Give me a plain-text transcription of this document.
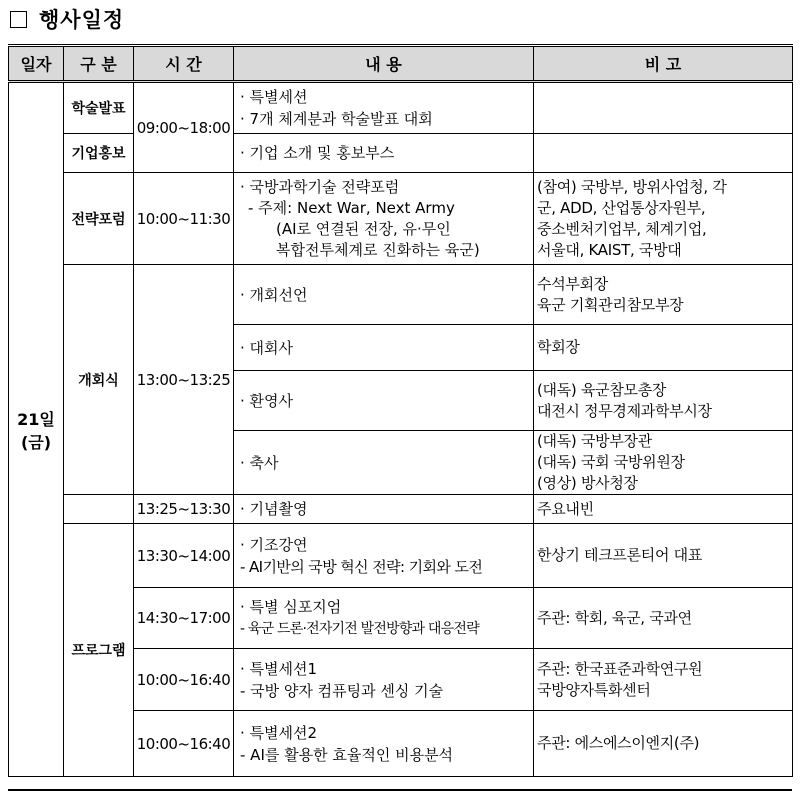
행사일정
일자	구 분	시 간	내 용	비 고

21일
(금)	학술발표	09:00~18:00	· 특별세션
· 7개 체계분과 학술발표 대회	

	기업홍보		· 기업 소개 및 홍보부스	

	전략포럼	10:00~11:30	· 국방과학기술 전략포럼
- 주제: Next War, Next Army
(AI로 연결된 전장, 유·무인
복합전투체계로 진화하는 육군)	(참여) 국방부, 방위사업청, 각
군, ADD, 산업통상자원부,
중소벤처기업부, 체계기업,
서울대, KAIST, 국방대

	개회식	13:00~13:25	· 개회선언	수석부회장
육군 기획관리참모부장

			· 대회사	학회장

			· 환영사	(대독) 육군참모총장
대전시 정무경제과학부시장

			· 축사	(대독) 국방부장관
(대독) 국회 국방위원장
(영상) 방사청장

		13:25~13:30	· 기념촬영	주요내빈

	프로그램	13:30~14:00	· 기조강연
- AI기반의 국방 혁신 전략: 기회와 도전	한상기 테크프론티어 대표

		14:30~17:00	· 특별 심포지엄
- 육군 드론·전자기전 발전방향과 대응전략	주관: 학회, 육군, 국과연

		10:00~16:40	· 특별세션1
- 국방 양자 컴퓨팅과 센싱 기술	주관: 한국표준과학연구원
국방양자특화센터

		10:00~16:40	· 특별세션2
- AI를 활용한 효율적인 비용분석	주관: 에스에스이엔지(주)
